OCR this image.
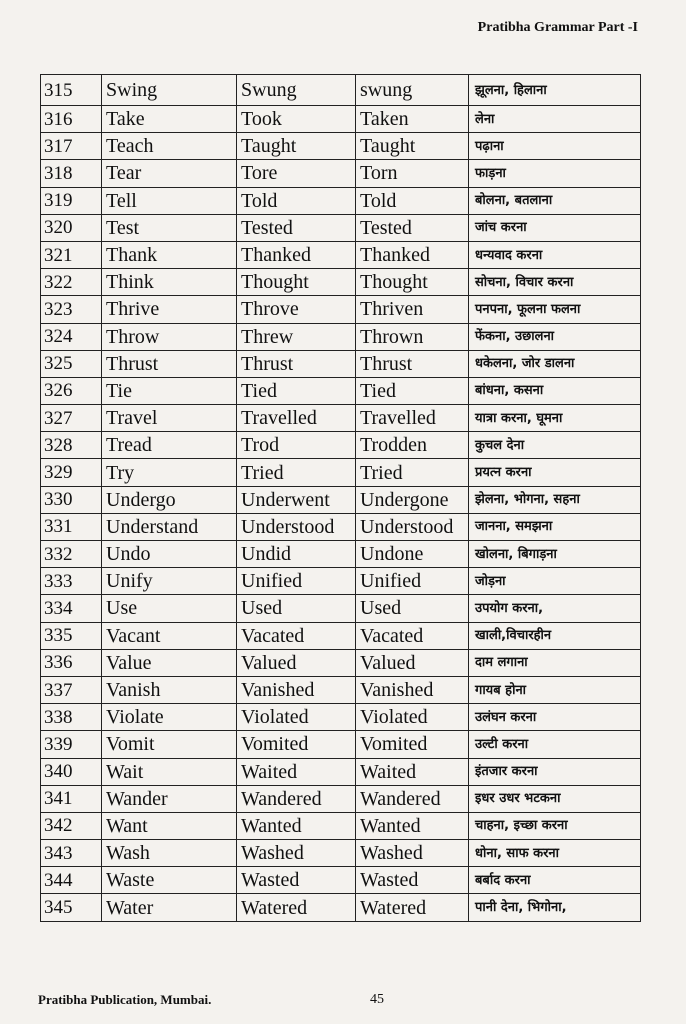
Pratibha Grammar Part -I
315	Swing	Swung	swung	झूलना, हिलाना
316	Take	Took	Taken	लेना
317	Teach	Taught	Taught	पढ़ाना
318	Tear	Tore	Torn	फाड़ना
319	Tell	Told	Told	बोलना, बतलाना
320	Test	Tested	Tested	जांच करना
321	Thank	Thanked	Thanked	धन्यवाद करना
322	Think	Thought	Thought	सोचना, विचार करना
323	Thrive	Throve	Thriven	पनपना, फूलना फलना
324	Throw	Threw	Thrown	फेंकना, उछालना
325	Thrust	Thrust	Thrust	धकेलना, जोर डालना
326	Tie	Tied	Tied	बांधना, कसना
327	Travel	Travelled	Travelled	यात्रा करना, घूमना
328	Tread	Trod	Trodden	कुचल देना
329	Try	Tried	Tried	प्रयत्न करना
330	Undergo	Underwent	Undergone	झेलना, भोगना, सहना
331	Understand	Understood	Understood	जानना, समझना
332	Undo	Undid	Undone	खोलना, बिगाड़ना
333	Unify	Unified	Unified	जोड़ना
334	Use	Used	Used	उपयोग करना,
335	Vacant	Vacated	Vacated	खाली,विचारहीन
336	Value	Valued	Valued	दाम लगाना
337	Vanish	Vanished	Vanished	गायब होना
338	Violate	Violated	Violated	उलंघन करना
339	Vomit	Vomited	Vomited	उल्टी करना
340	Wait	Waited	Waited	इंतजार करना
341	Wander	Wandered	Wandered	इधर उधर भटकना
342	Want	Wanted	Wanted	चाहना, इच्छा करना
343	Wash	Washed	Washed	धोना, साफ करना
344	Waste	Wasted	Wasted	बर्बाद करना
345	Water	Watered	Watered	पानी देना, भिगोना,
Pratibha Publication, Mumbai.	45
